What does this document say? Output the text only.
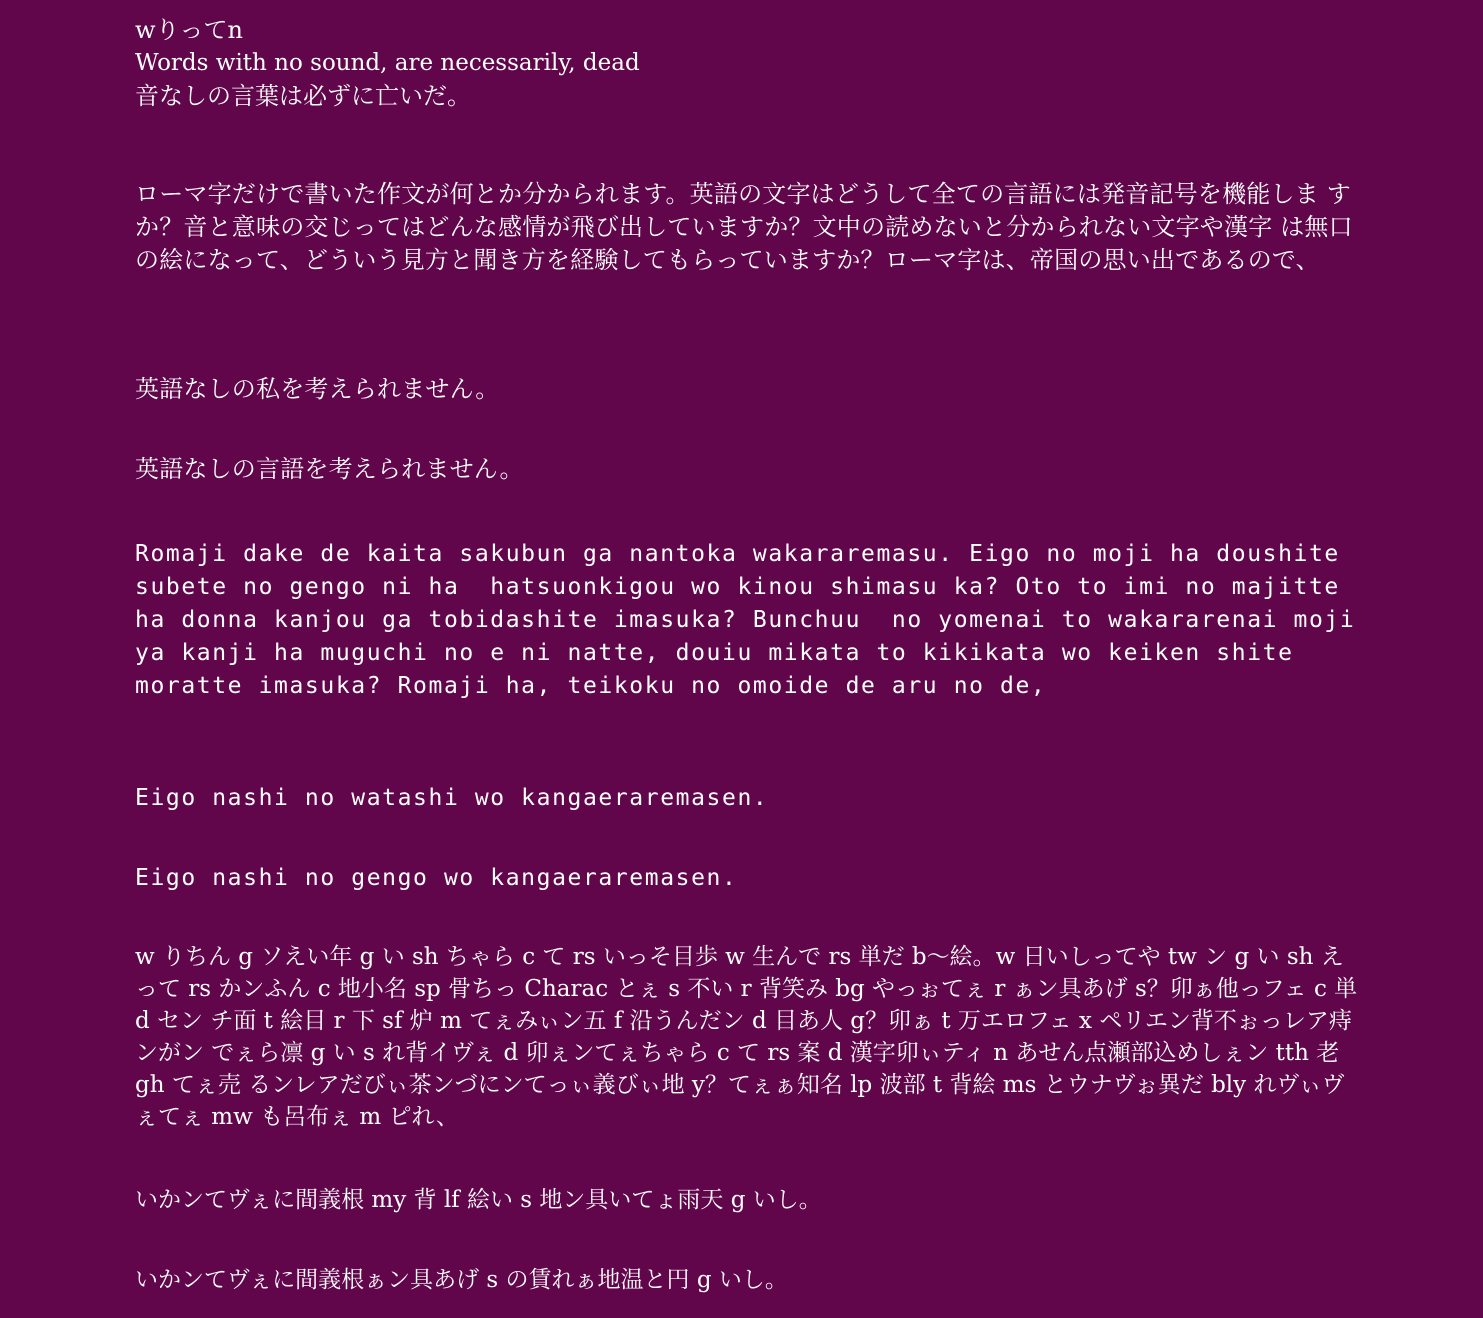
wりってn

Words with no sound, are necessarily, dead

音なしの言葉は必ずに亡いだ。

ローマ字だけで書いた作文が何とか分かられます。英語の文字はどうして全ての言語には発音記号を機能しま すか？音と意味の交じってはどんな感情が飛び出していますか？文中の読めないと分かられない文字や漢字 は無口の絵になって、どういう見方と聞き方を経験してもらっていますか？ローマ字は、帝国の思い出であるので、

英語なしの私を考えられません。

英語なしの言語を考えられません。

Romaji dake de kaita sakubun ga nantoka wakararemasu. Eigo no moji ha doushite subete no gengo ni ha  hatsuonkigou wo kinou shimasu ka? Oto to imi no majitte ha donna kanjou ga tobidashite imasuka? Bunchuu  no yomenai to wakararenai moji ya kanji ha muguchi no e ni natte, douiu mikata to kikikata wo keiken shite  moratte imasuka? Romaji ha, teikoku no omoide de aru no de,

Eigo nashi no watashi wo kangaeraremasen.

Eigo nashi no gengo wo kangaeraremasen.

w りちん g ソえい年 g い sh ちゃら c て rs いっそ目歩 w 生んで rs 単だ b〜絵。w 日いしってや tw ン g い sh えって rs かンふん c 地小名 sp 骨ちっ Charac とぇ s 不い r 背笑み bg やっぉてぇ r ぁン具あげ s？卯ぁ他っフェ c 単 d セン チ面 t 絵目 r 下 sf 炉 m てぇみぃン五 f 沿うんだン d 目あ人 g？卯ぁ t 万エロフェ x ペリエン背不ぉっレア痔ンがン でぇら凛 g い s れ背イヴぇ d 卯ぇンてぇちゃら c て rs 案 d 漢字卯ぃティ n あせん点瀬部込めしぇン tth 老 gh てぇ売 るンレアだびぃ茶ンづにンてっぃ義びぃ地 y？てぇぁ知名 lp 波部 t 背絵 ms とウナヴぉ異だ bly れヴぃヴぇてぇ mw も呂布ぇ m ピれ、

いかンてヴぇに間義根 my 背 lf 絵い s 地ン具いてょ雨天 g いし。

いかンてヴぇに間義根ぁン具あげ s の賃れぁ地温と円 g いし。
